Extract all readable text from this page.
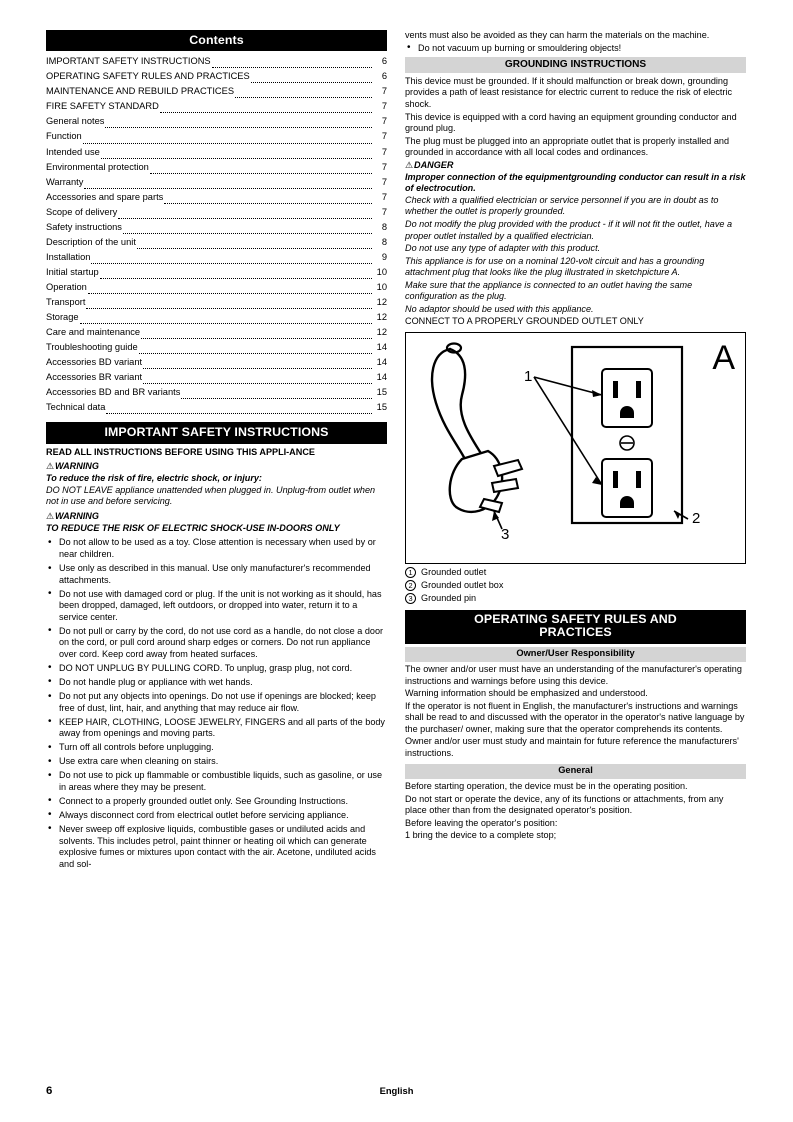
Contents
IMPORTANT SAFETY INSTRUCTIONS	6
OPERATING SAFETY RULES AND PRACTICES	6
MAINTENANCE AND REBUILD PRACTICES	7
FIRE SAFETY STANDARD	7
General notes	7
Function	7
Intended use	7
Environmental protection	7
Warranty	7
Accessories and spare parts	7
Scope of delivery	7
Safety instructions	8
Description of the unit	8
Installation	9
Initial startup	10
Operation	10
Transport	12
Storage	12
Care and maintenance	12
Troubleshooting guide	14
Accessories BD variant	14
Accessories BR variant	14
Accessories BD and BR variants	15
Technical data	15
IMPORTANT SAFETY INSTRUCTIONS
READ ALL INSTRUCTIONS BEFORE USING THIS APPLI-ANCE
⚠WARNING
To reduce the risk of fire, electric shock, or injury:
DO NOT LEAVE appliance unattended when plugged in. Unplug-from outlet when not in use and before servicing.
⚠WARNING
TO REDUCE THE RISK OF ELECTRIC SHOCK-USE IN-DOORS ONLY
• Do not allow to be used as a toy. Close attention is necessary when used by or near children.
• Use only as described in this manual. Use only manufacturer's recommended attachments.
• Do not use with damaged cord or plug. If the unit is not working as it should, has been dropped, damaged, left outdoors, or dropped into water, return it to a service center.
• Do not pull or carry by the cord, do not use cord as a handle, do not close a door on the cord, or pull cord around sharp edges or corners. Do not run appliance over cord. Keep cord away from heated surfaces.
• DO NOT UNPLUG BY PULLING CORD. To unplug, grasp plug, not cord.
• Do not handle plug or appliance with wet hands.
• Do not put any objects into openings. Do not use if openings are blocked; keep free of dust, lint, hair, and anything that may reduce air flow.
• KEEP HAIR, CLOTHING, LOOSE JEWELRY, FINGERS and all parts of the body away from openings and moving parts.
• Turn off all controls before unplugging.
• Use extra care when cleaning on stairs.
• Do not use to pick up flammable or combustible liquids, such as gasoline, or use in areas where they may be present.
• Connect to a properly grounded outlet only. See Grounding Instructions.
• Always disconnect cord from electrical outlet before servicing appliance.
• Never sweep off explosive liquids, combustible gases or undiluted acids and solvents. This includes petrol, paint thinner or heating oil which can generate explosive fumes or mixtures upon contact with the air. Acetone, undiluted acids and sol-
vents must also be avoided as they can harm the materials on the machine.
• Do not vacuum up burning or smouldering objects!
GROUNDING INSTRUCTIONS
This device must be grounded. If it should malfunction or break down, grounding provides a path of least resistance for electric current to reduce the risk of electric shock.
This device is equipped with a cord having an equipment grounding conductor and ground plug.
The plug must be plugged into an appropriate outlet that is properly installed and grounded in accordance with all local codes and ordinances.
⚠DANGER
Improper connection of the equipmentgrounding conductor can result in a risk of electrocution.
Check with a qualified electrician or service personnel if you are in doubt as to whether the outlet is properly grounded.
Do not modify the plug provided with the product - if it will not fit the outlet, have a proper outlet installed by a qualified electrician.
Do not use any type of adapter with this product.
This appliance is for use on a nominal 120-volt circuit and has a grounding attachment plug that looks like the plug illustrated in sketchpicture A.
Make sure that the appliance is connected to an outlet having the same configuration as the plug.
No adaptor should be used with this appliance.
CONNECT TO A PROPERLY GROUNDED OUTLET ONLY
1
2
3
A
1 Grounded outlet
2 Grounded outlet box
3 Grounded pin
OPERATING SAFETY RULES AND
PRACTICES
Owner/User Responsibility
The owner and/or user must have an understanding of the manufacturer's operating instructions and warnings before using this device.
Warning information should be emphasized and understood.
If the operator is not fluent in English, the manufacturer's instructions and warnings shall be read to and discussed with the operator in the operator's native language by the purchaser/ owner, making sure that the operator comprehends its contents.
Owner and/or user must study and maintain for future reference the manufacturers' instructions.
General
Before starting operation, the device must be in the operating position.
Do not start or operate the device, any of its functions or attachments, from any place other than from the designated operator's position.
Before leaving the operator's position:
1 bring the device to a complete stop;
6	English
